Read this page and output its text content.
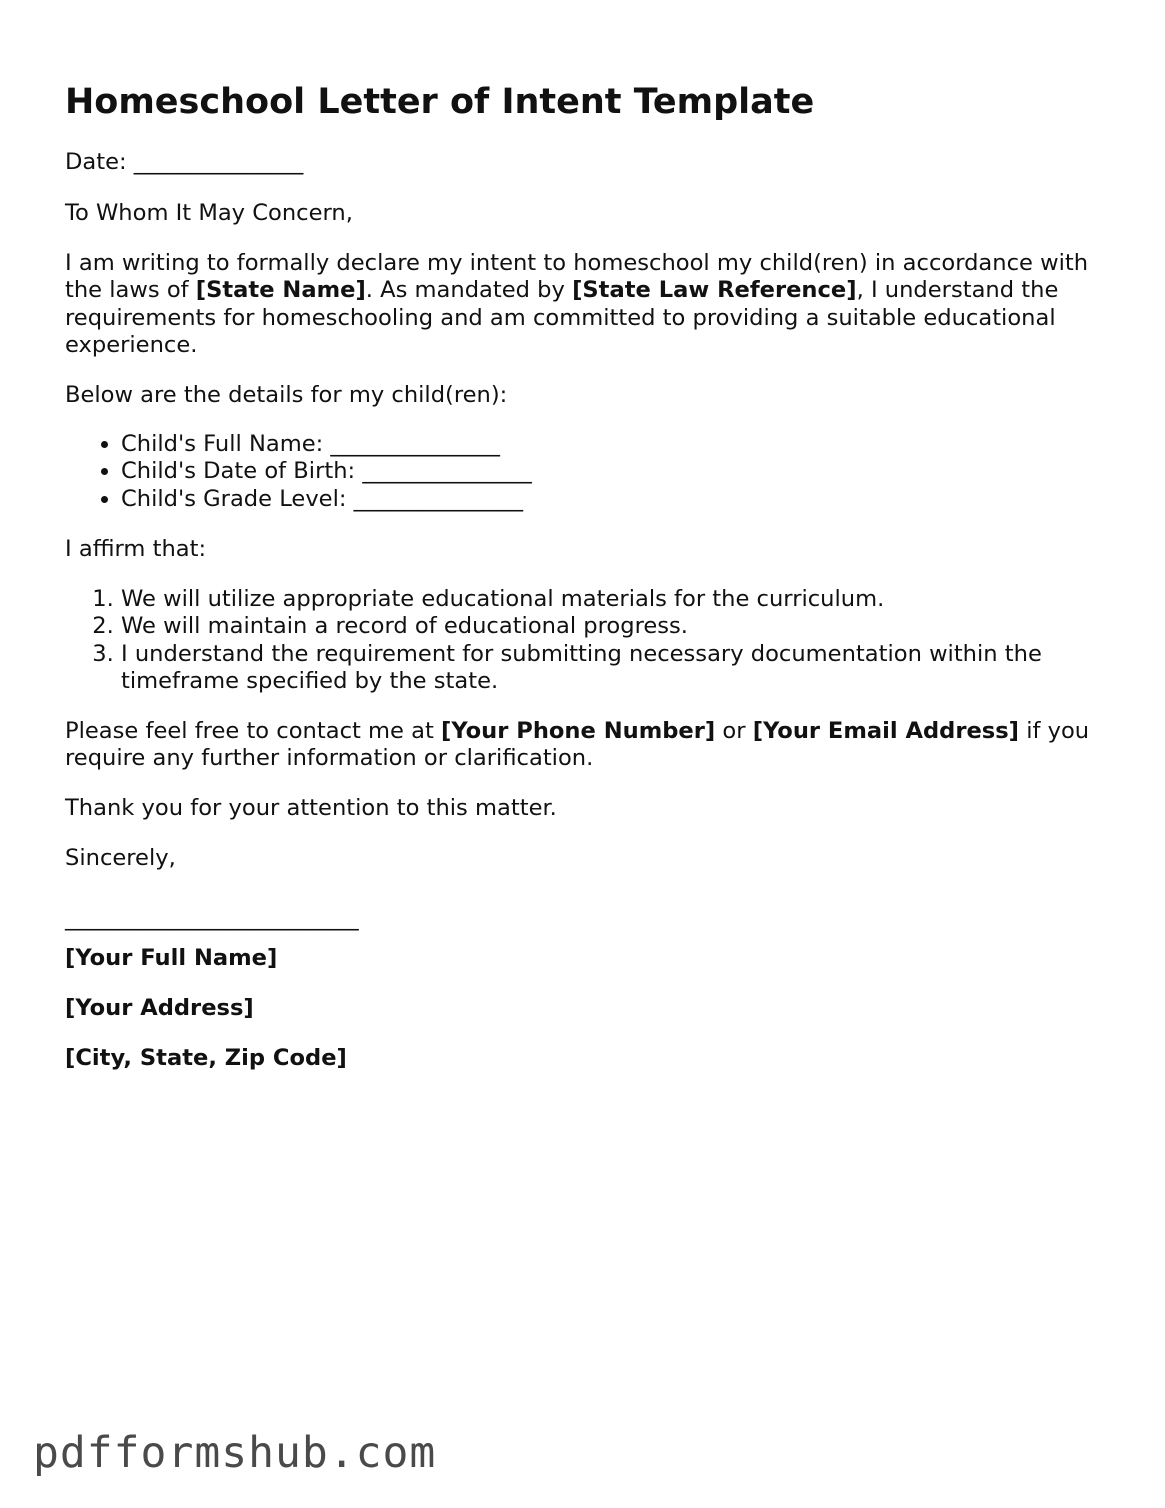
Homeschool Letter of Intent Template

Date: _______________

To Whom It May Concern,

I am writing to formally declare my intent to homeschool my child(ren) in accordance with the laws of [State Name]. As mandated by [State Law Reference], I understand the requirements for homeschooling and am committed to providing a suitable educational experience.

Below are the details for my child(ren):

• Child's Full Name: _______________
• Child's Date of Birth: _______________
• Child's Grade Level: _______________

I affirm that:

1. We will utilize appropriate educational materials for the curriculum.
2. We will maintain a record of educational progress.
3. I understand the requirement for submitting necessary documentation within the timeframe specified by the state.

Please feel free to contact me at [Your Phone Number] or [Your Email Address] if you require any further information or clarification.

Thank you for your attention to this matter.

Sincerely,

__________________________

[Your Full Name]

[Your Address]

[City, State, Zip Code]

pdfformshub.com
